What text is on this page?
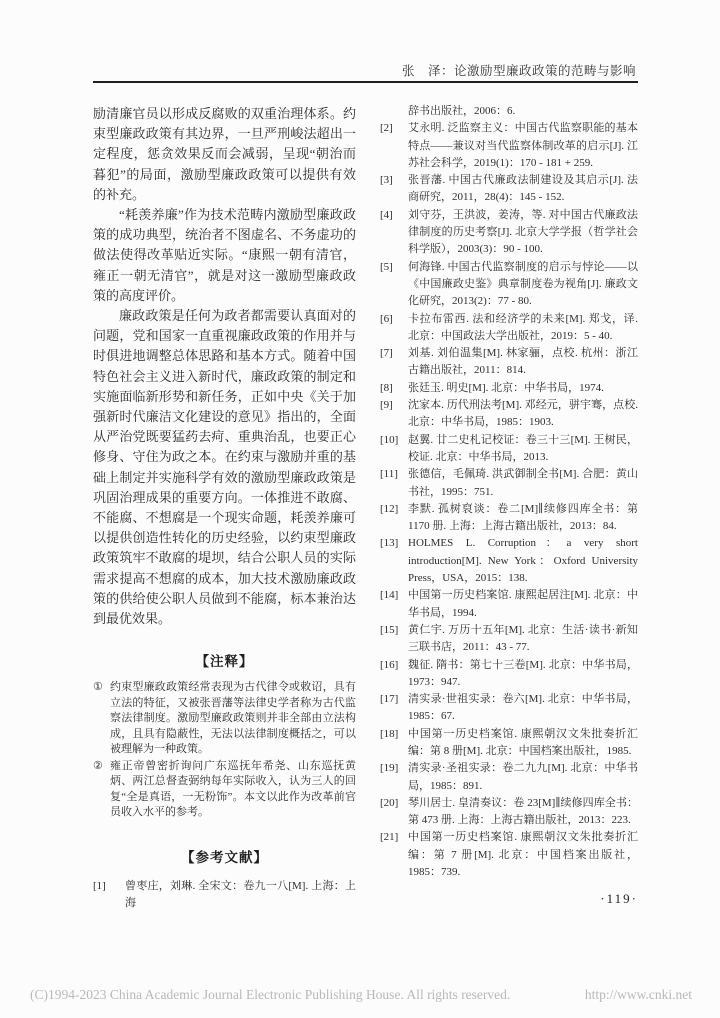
张　泽：论激励型廉政政策的范畴与影响

励清廉官员以形成反腐败的双重治理体系。约束型廉政政策有其边界，一旦严刑峻法超出一定程度，惩贪效果反而会减弱，呈现“朝治而暮犯”的局面，激励型廉政政策可以提供有效的补充。

“耗羡养廉”作为技术范畴内激励型廉政政策的成功典型，统治者不图虚名、不务虚功的做法使得改革贴近实际。“康熙一朝有清官，雍正一朝无清官”，就是对这一激励型廉政政策的高度评价。

廉政政策是任何为政者都需要认真面对的问题，党和国家一直重视廉政政策的作用并与时俱进地调整总体思路和基本方式。随着中国特色社会主义进入新时代，廉政政策的制定和实施面临新形势和新任务，正如中央《关于加强新时代廉洁文化建设的意见》指出的，全面从严治党既要猛药去疴、重典治乱，也要正心修身、守住为政之本。在约束与激励并重的基础上制定并实施科学有效的激励型廉政政策是巩固治理成果的重要方向。一体推进不敢腐、不能腐、不想腐是一个现实命题，耗羡养廉可以提供创造性转化的历史经验，以约束型廉政政策筑牢不敢腐的堤坝，结合公职人员的实际需求提高不想腐的成本，加大技术激励廉政政策的供给使公职人员做到不能腐，标本兼治达到最优效果。

【注释】
① 约束型廉政政策经常表现为古代律令或敕诏，具有立法的特征，又被张晋藩等法律史学者称为古代监察法律制度。激励型廉政政策则并非全部由立法构成，且具有隐蔽性，无法以法律制度概括之，可以被理解为一种政策。
② 雍正帝曾密折询问广东巡抚年希尧、山东巡抚黄炳、两江总督查弼纳每年实际收入，认为三人的回复“全是真语，一无粉饰”。本文以此作为改革前官员收入水平的参考。
【参考文献】
[1]	曾枣庄，刘琳. 全宋文：卷九一八[M]. 上海：上海
辞书出版社，2006：6.
[2]	艾永明. 泛监察主义：中国古代监察职能的基本特点——兼议对当代监察体制改革的启示[J]. 江苏社会科学，2019(1)：170 - 181 + 259.
[3]	张晋藩. 中国古代廉政法制建设及其启示[J]. 法商研究，2011，28(4)：145 - 152.
[4]	刘守芬，王洪波，姜涛，等. 对中国古代廉政法律制度的历史考察[J]. 北京大学学报（哲学社会科学版），2003(3)：90 - 100.
[5]	何海锋. 中国古代监察制度的启示与悖论——以《中国廉政史鉴》典章制度卷为视角[J]. 廉政文化研究，2013(2)：77 - 80.
[6]	卡拉布雷西. 法和经济学的未来[M]. 郑戈，译. 北京：中国政法大学出版社，2019：5 - 40.
[7]	刘基. 刘伯温集[M]. 林家骊，点校. 杭州：浙江古籍出版社，2011：814.
[8]	张廷玉. 明史[M]. 北京：中华书局，1974.
[9]	沈家本. 历代刑法考[M]. 邓经元，骈宇骞，点校. 北京：中华书局，1985：1903.
[10] 赵翼. 廿二史札记校证：卷三十三[M]. 王树民，校证. 北京：中华书局，2013.
[11] 张德信，毛佩琦. 洪武御制全书[M]. 合肥：黄山书社，1995：751.
[12] 李默. 孤树裒谈：卷二[M]∥续修四库全书：第1170 册. 上海：上海古籍出版社，2013：84.
[13] HOLMES L. Corruption：a very short introduction[M]. New York：Oxford University Press，USA，2015：138.
[14] 中国第一历史档案馆. 康熙起居注[M]. 北京：中华书局，1994.
[15] 黄仁宇. 万历十五年[M]. 北京：生活·读书·新知三联书店，2011：43 - 77.
[16] 魏征. 隋书：第七十三卷[M]. 北京：中华书局，1973：947.
[17] 清实录·世祖实录：卷六[M]. 北京：中华书局，1985：67.
[18] 中国第一历史档案馆. 康熙朝汉文朱批奏折汇编：第 8 册[M]. 北京：中国档案出版社，1985.
[19] 清实录·圣祖实录：卷二九九[M]. 北京：中华书局，1985：891.
[20] 琴川居士. 皇清奏议：卷 23[M]∥续修四库全书：第 473 册. 上海：上海古籍出版社，2013：223.
[21] 中国第一历史档案馆. 康熙朝汉文朱批奏折汇编：第 7 册[M]. 北京：中国档案出版社，1985：739.
·119·
(C)1994-2023 China Academic Journal Electronic Publishing House. All rights reserved.	http://www.cnki.net
